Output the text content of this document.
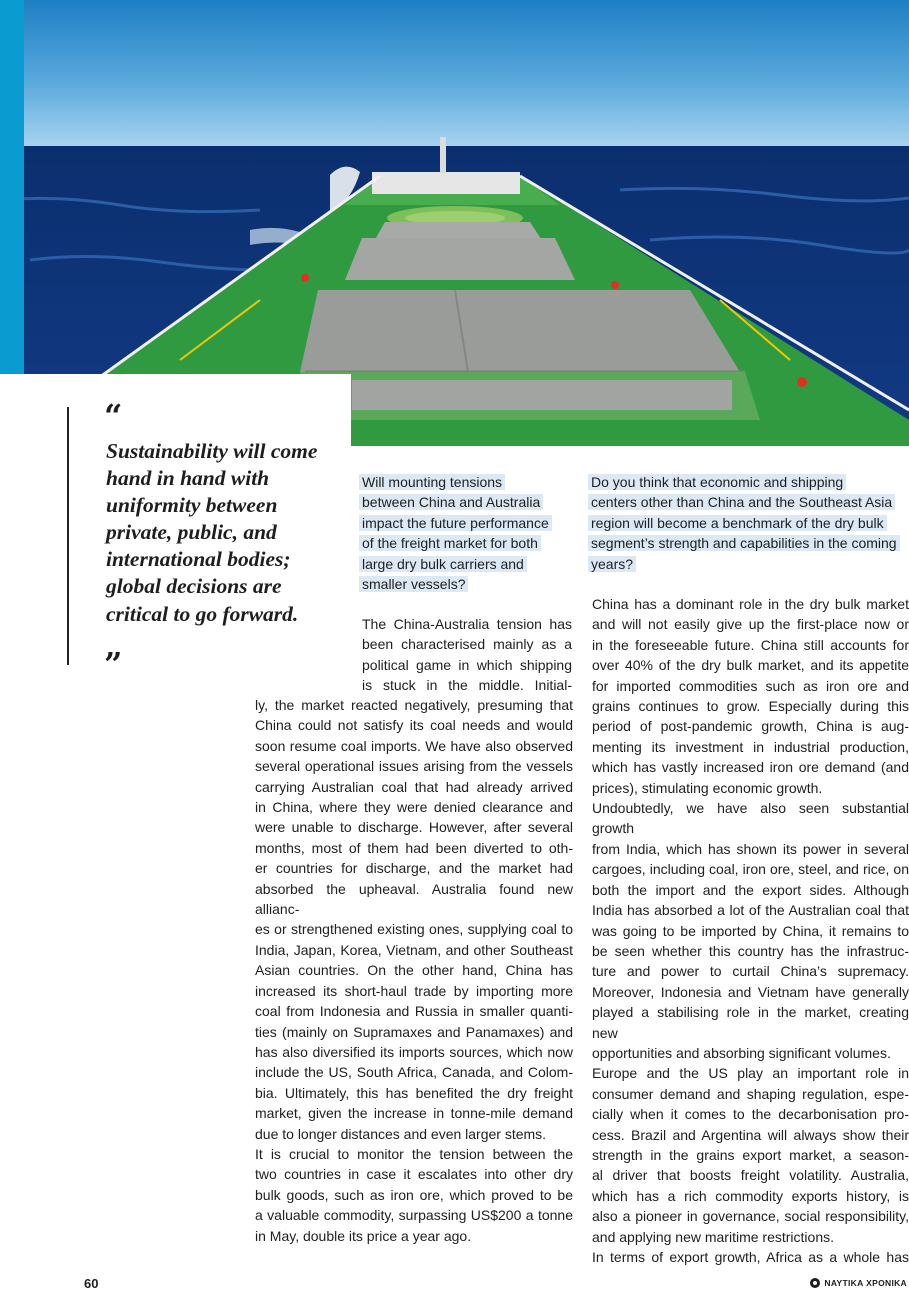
“
Sustainability will come
hand in hand with
uniformity between
private, public, and
international bodies;
global decisions are
critical to go forward.
”
Will mounting tensions
between China and Australia
impact the future performance
of the freight market for both
large dry bulk carriers and
smaller vessels?
Do you think that economic and shipping
centers other than China and the Southeast Asia
region will become a benchmark of the dry bulk
segment’s strength and capabilities in the coming
years?
The China-Australia tension has
been characterised mainly as a
political game in which shipping
is stuck in the middle. Initial-
ly, the market reacted negatively, presuming that
China could not satisfy its coal needs and would
soon resume coal imports. We have also observed
several operational issues arising from the vessels
carrying Australian coal that had already arrived
in China, where they were denied clearance and
were unable to discharge. However, after several
months, most of them had been diverted to oth-
er countries for discharge, and the market had
absorbed the upheaval. Australia found new allianc-
es or strengthened existing ones, supplying coal to
India, Japan, Korea, Vietnam, and other Southeast
Asian countries. On the other hand, China has
increased its short-haul trade by importing more
coal from Indonesia and Russia in smaller quanti-
ties (mainly on Supramaxes and Panamaxes) and
has also diversified its imports sources, which now
include the US, South Africa, Canada, and Colom-
bia. Ultimately, this has benefited the dry freight
market, given the increase in tonne-mile demand
due to longer distances and even larger stems.
It is crucial to monitor the tension between the
two countries in case it escalates into other dry
bulk goods, such as iron ore, which proved to be
a valuable commodity, surpassing US$200 a tonne
in May, double its price a year ago.
China has a dominant role in the dry bulk market
and will not easily give up the first-place now or
in the foreseeable future. China still accounts for
over 40% of the dry bulk market, and its appetite
for imported commodities such as iron ore and
grains continues to grow. Especially during this
period of post-pandemic growth, China is aug-
menting its investment in industrial production,
which has vastly increased iron ore demand (and
prices), stimulating economic growth.
Undoubtedly, we have also seen substantial growth
from India, which has shown its power in several
cargoes, including coal, iron ore, steel, and rice, on
both the import and the export sides. Although
India has absorbed a lot of the Australian coal that
was going to be imported by China, it remains to
be seen whether this country has the infrastruc-
ture and power to curtail China’s supremacy.
Moreover, Indonesia and Vietnam have generally
played a stabilising role in the market, creating new
opportunities and absorbing significant volumes.
Europe and the US play an important role in
consumer demand and shaping regulation, espe-
cially when it comes to the decarbonisation pro-
cess. Brazil and Argentina will always show their
strength in the grains export market, a season-
al driver that boosts freight volatility. Australia,
which has a rich commodity exports history, is
also a pioneer in governance, social responsibility,
and applying new maritime restrictions.
In terms of export growth, Africa as a whole has
60	ΝΑΥΤΙΚΑ ΧΡΟΝΙΚΑ
